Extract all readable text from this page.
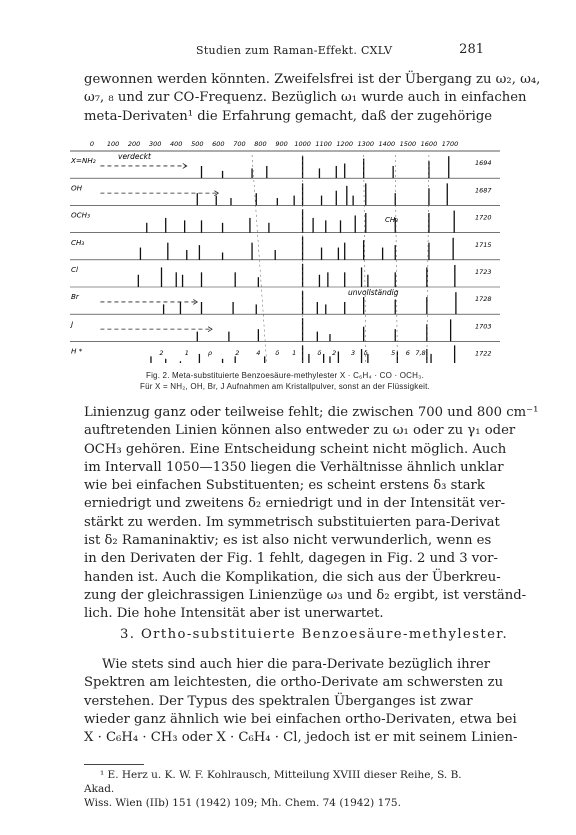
Studien zum Raman-Effekt. CXLV	281
gewonnen werden könnten. Zweifelsfrei ist der Übergang zu ω₂, ω₄,
ω₇, ₈ und zur CO-Frequenz. Bezüglich ω₁ wurde auch in einfachen
meta-Derivaten¹ die Erfahrung gemacht, daß der zugehörige
0 100 200 300 400 500 600 700 800 900 1000 1100 1200 1300 1400 1500 1600 1700
X=NH₂	1694
OH	1687
OCH₃	1720
CH₃	1715
Cl	1723
Br	1728
J	1703
H *	1722
2	1	ρ	2	4 δ 1	δ 2 3 δ	5 6 7,8
verdeckt
unvollständig
CH₃
Fig. 2. Meta-substituierte Benzoesäure-methylester X · C₆H₄ · CO · OCH₃.
Für X = NH₂, OH, Br, J Aufnahmen am Kristallpulver, sonst an der Flüssigkeit.
Linienzug ganz oder teilweise fehlt; die zwischen 700 und 800 cm⁻¹
auftretenden Linien können also entweder zu ω₁ oder zu γ₁ oder
OCH₃ gehören. Eine Entscheidung scheint nicht möglich. Auch
im Intervall 1050—1350 liegen die Verhältnisse ähnlich unklar
wie bei einfachen Substituenten; es scheint erstens δ₃ stark
erniedrigt und zweitens δ₂ erniedrigt und in der Intensität ver-
stärkt zu werden. Im symmetrisch substituierten para-Derivat
ist δ₂ Ramaninaktiv; es ist also nicht verwunderlich, wenn es
in den Derivaten der Fig. 1 fehlt, dagegen in Fig. 2 und 3 vor-
handen ist. Auch die Komplikation, die sich aus der Überkreu-
zung der gleichrassigen Linienzüge ω₃ und δ₂ ergibt, ist verständ-
lich. Die hohe Intensität aber ist unerwartet.
3. Ortho-substituierte Benzoesäure-methylester.
Wie stets sind auch hier die para-Derivate bezüglich ihrer
Spektren am leichtesten, die ortho-Derivate am schwersten zu
verstehen. Der Typus des spektralen Überganges ist zwar
wieder ganz ähnlich wie bei einfachen ortho-Derivaten, etwa bei
X · C₆H₄ · CH₃ oder X · C₆H₄ · Cl, jedoch ist er mit seinem Linien-
¹ E. Herz u. K. W. F. Kohlrausch, Mitteilung XVIII dieser Reihe, S. B. Akad.
Wiss. Wien (IIb) 151 (1942) 109; Mh. Chem. 74 (1942) 175.
